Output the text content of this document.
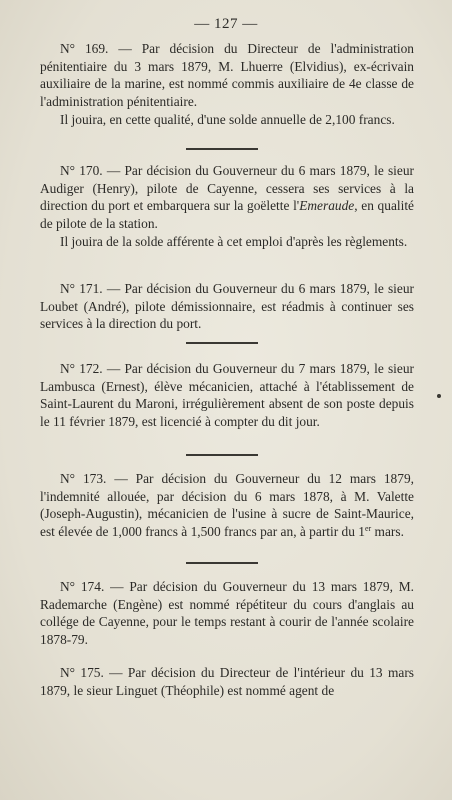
— 127 —

N° 169. — Par décision du Directeur de l'administration pénitentiaire du 3 mars 1879, M. Lhuerre (Elvidius), ex-écrivain auxiliaire de la marine, est nommé commis auxiliaire de 4e classe de l'administration pénitentiaire.

Il jouira, en cette qualité, d'une solde annuelle de 2,100 francs.

N° 170. — Par décision du Gouverneur du 6 mars 1879, le sieur Audiger (Henry), pilote de Cayenne, cessera ses services à la direction du port et embarquera sur la goëlette l'Emeraude, en qualité de pilote de la station.

Il jouira de la solde afférente à cet emploi d'après les règlements.

N° 171. — Par décision du Gouverneur du 6 mars 1879, le sieur Loubet (André), pilote démissionnaire, est réadmis à continuer ses services à la direction du port.

N° 172. — Par décision du Gouverneur du 7 mars 1879, le sieur Lambusca (Ernest), élève mécanicien, attaché à l'établissement de Saint-Laurent du Maroni, irrégulièrement absent de son poste depuis le 11 février 1879, est licencié à compter du dit jour.

N° 173. — Par décision du Gouverneur du 12 mars 1879, l'indemnité allouée, par décision du 6 mars 1878, à M. Valette (Joseph-Augustin), mécanicien de l'usine à sucre de Saint-Maurice, est élevée de 1,000 francs à 1,500 francs par an, à partir du 1er mars.

N° 174. — Par décision du Gouverneur du 13 mars 1879, M. Rademarche (Engène) est nommé répétiteur du cours d'anglais au collége de Cayenne, pour le temps restant à courir de l'année scolaire 1878-79.

N° 175. — Par décision du Directeur de l'intérieur du 13 mars 1879, le sieur Linguet (Théophile) est nommé agent de
